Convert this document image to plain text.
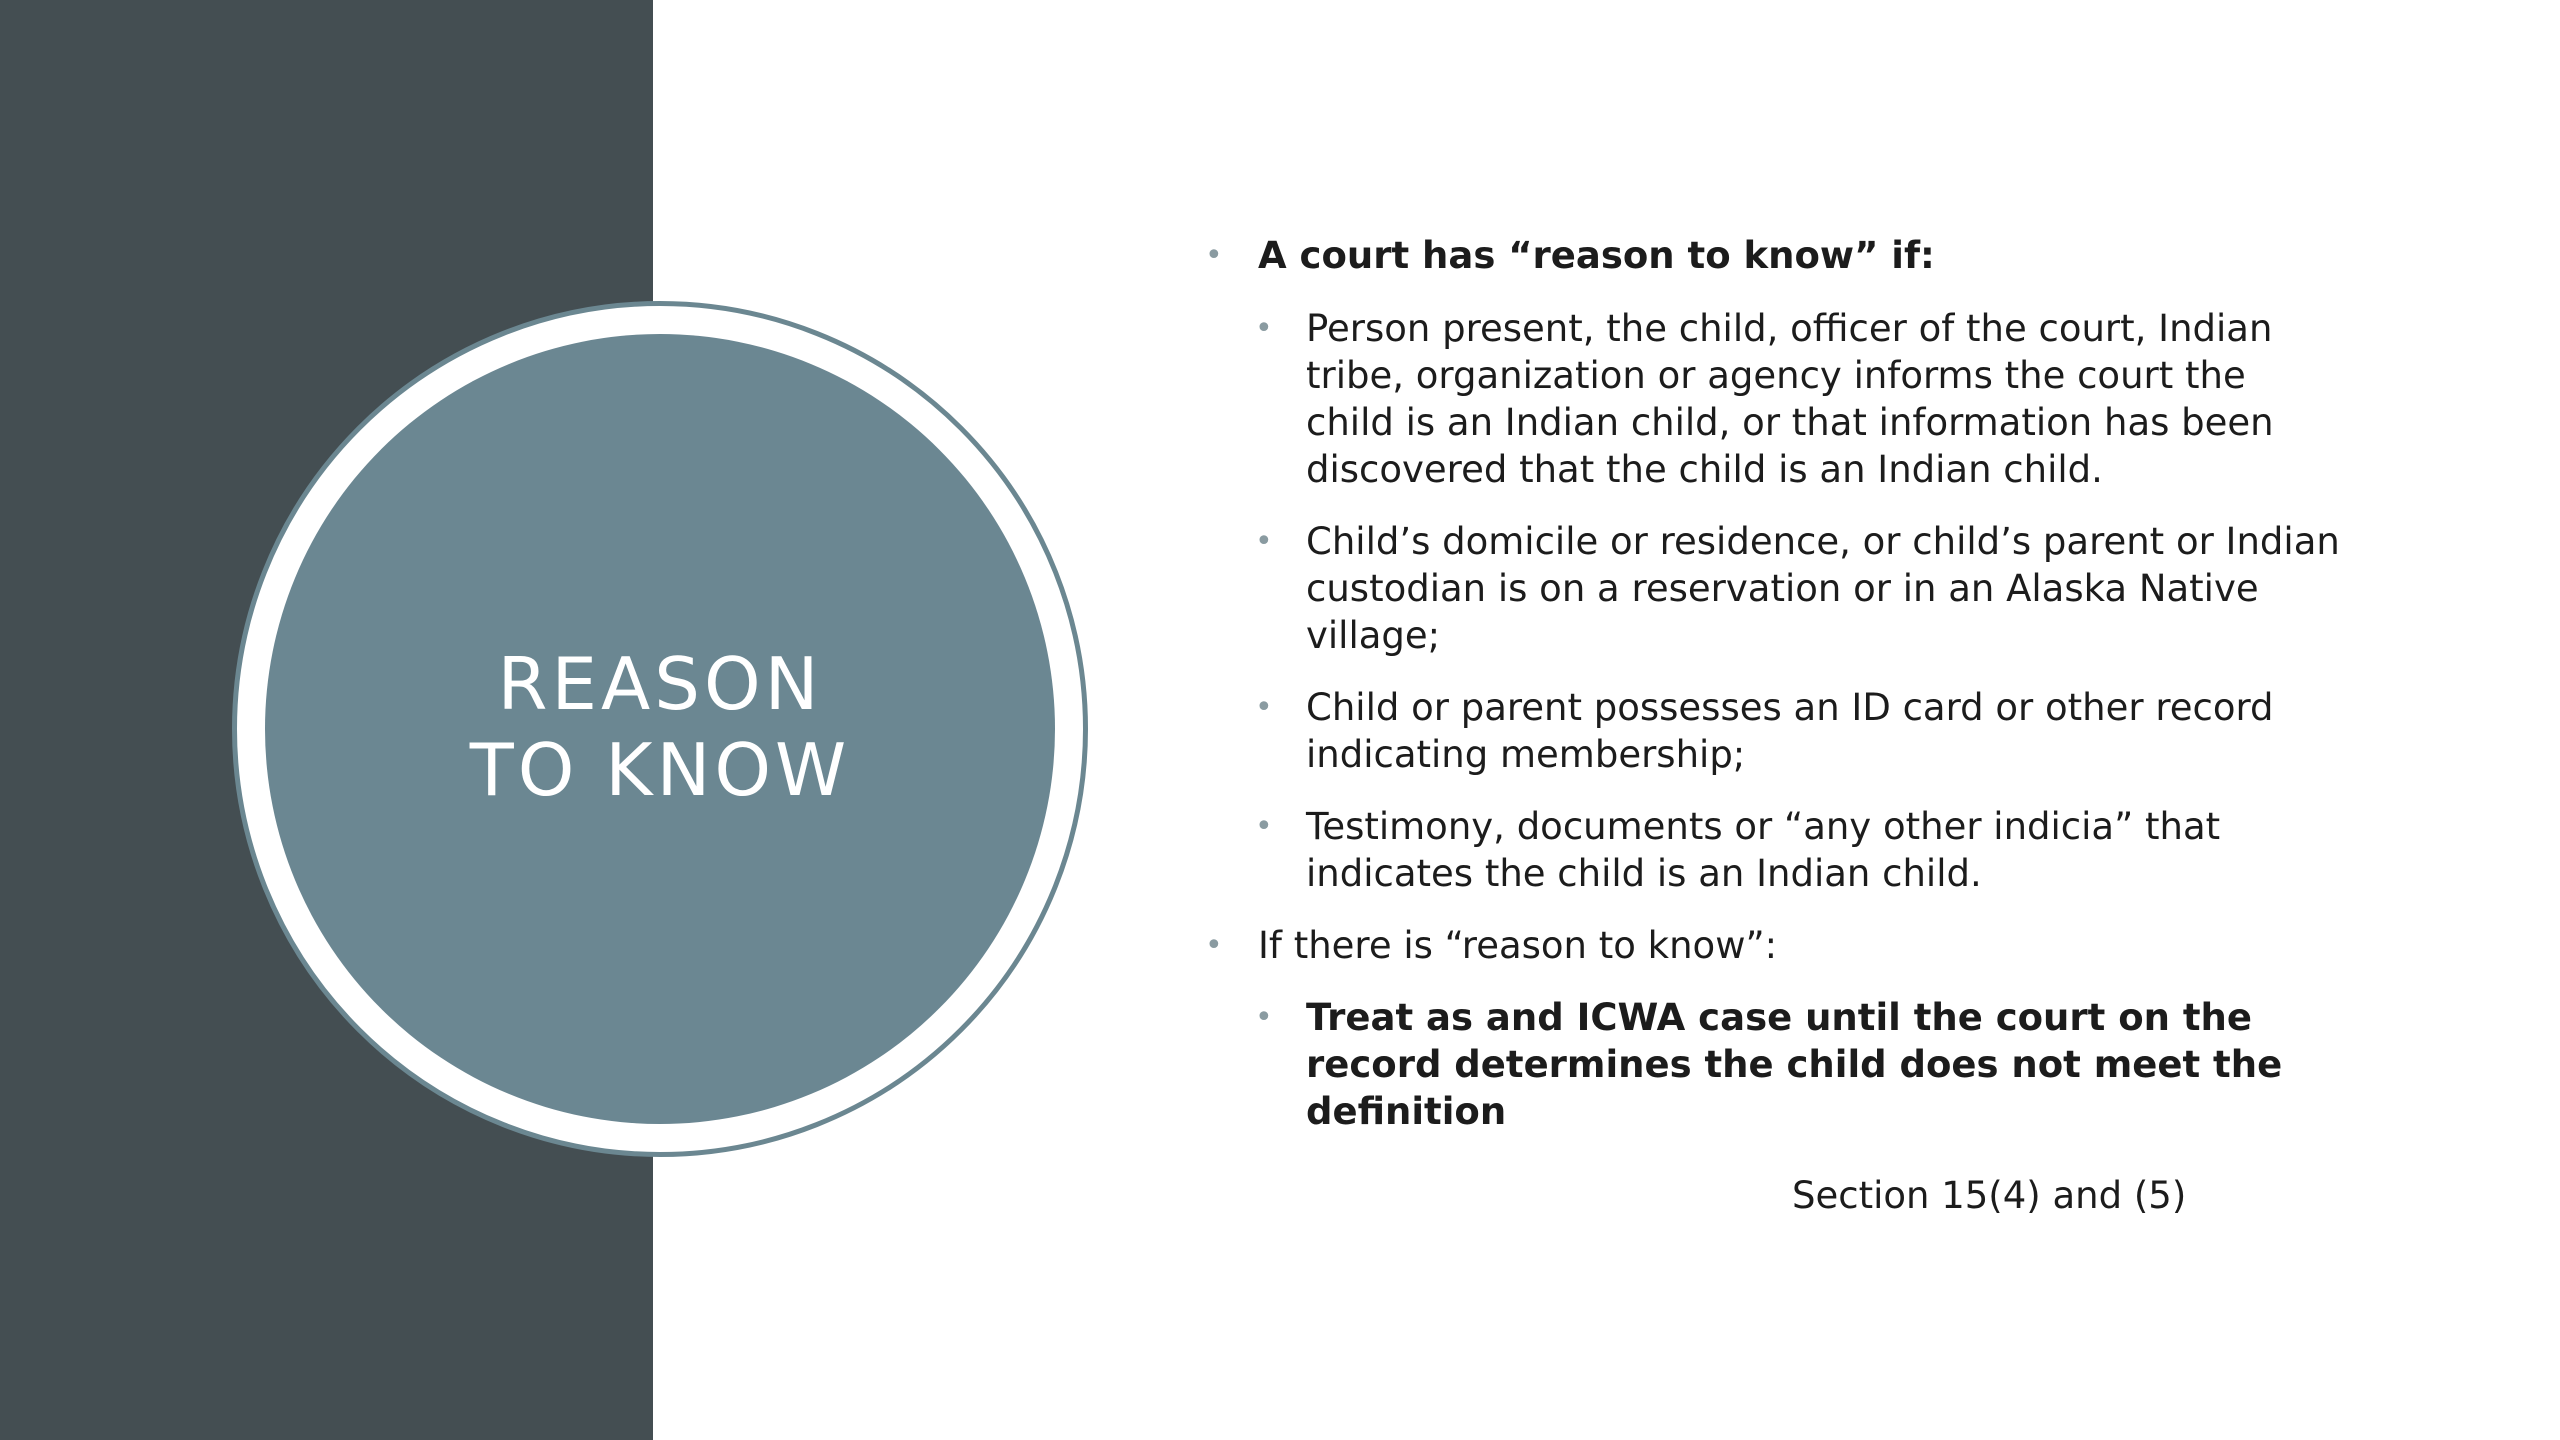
REASON
TO KNOW
• A court has “reason to know” if:
• Person present, the child, officer of the court, Indian tribe, organization or agency informs the court the child is an Indian child, or that information has been discovered that the child is an Indian child.
• Child’s domicile or residence, or child’s parent or Indian custodian is on a reservation or in an Alaska Native village;
• Child or parent possesses an ID card or other record indicating membership;
• Testimony, documents or “any other indicia” that indicates the child is an Indian child.
• If there is “reason to know”:
• Treat as and ICWA case until the court on the record determines the child does not meet the definition
Section 15(4) and (5)
